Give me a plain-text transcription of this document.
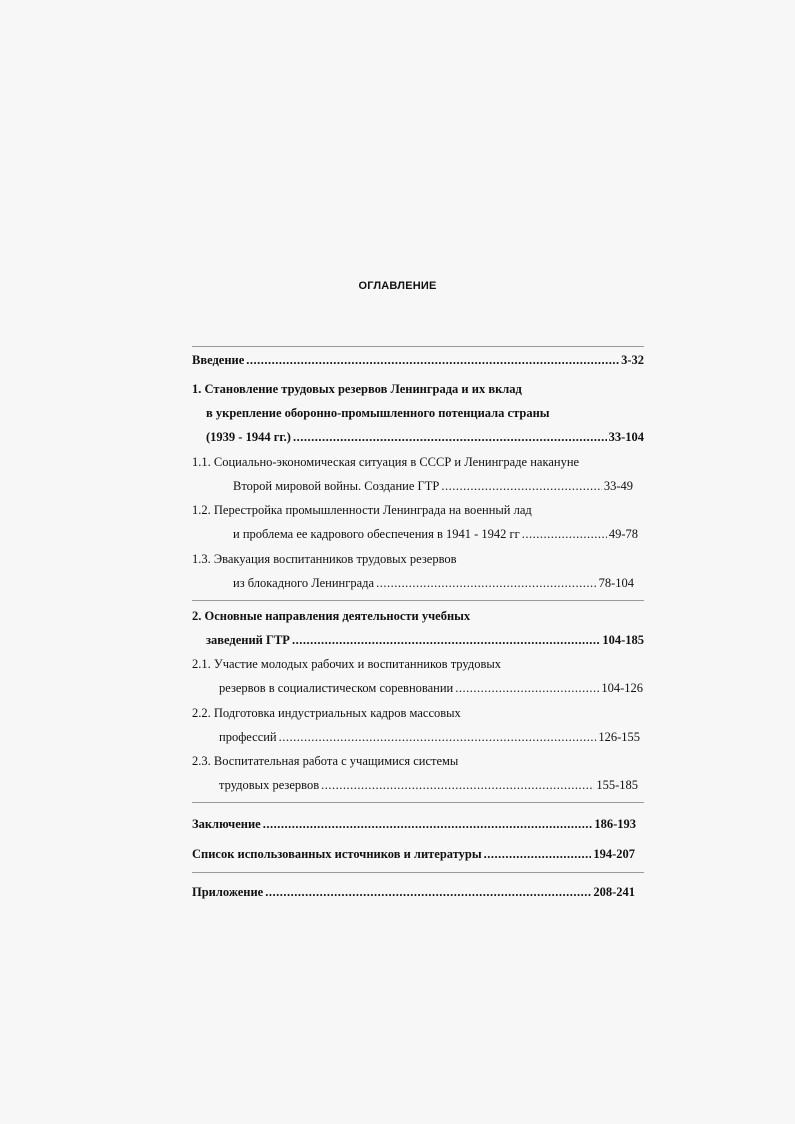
ОГЛАВЛЕНИЕ
Введение .....	3-32
1. Становление трудовых резервов Ленинграда и их вклад
в укрепление оборонно-промышленного потенциала страны
(1939 - 1944 гг.) .....	33-104
1.1. Социально-экономическая ситуация в СССР и Ленинграде накануне
Второй мировой войны. Создание ГТР .....	33-49
1.2. Перестройка промышленности Ленинграда на военный лад
и проблема ее кадрового обеспечения в 1941 - 1942 гг .....	49-78
1.3. Эвакуация воспитанников трудовых резервов
из блокадного Ленинграда .....	78-104
2. Основные направления деятельности учебных
заведений ГТР .....	104-185
2.1. Участие молодых рабочих и воспитанников трудовых
резервов в социалистическом соревновании .....	104-126
2.2. Подготовка индустриальных кадров массовых
профессий .....	126-155
2.3. Воспитательная работа с учащимися системы
трудовых резервов .....	155-185
Заключение .....	186-193
Список использованных источников и литературы .....	194-207
Приложение .....	208-241
